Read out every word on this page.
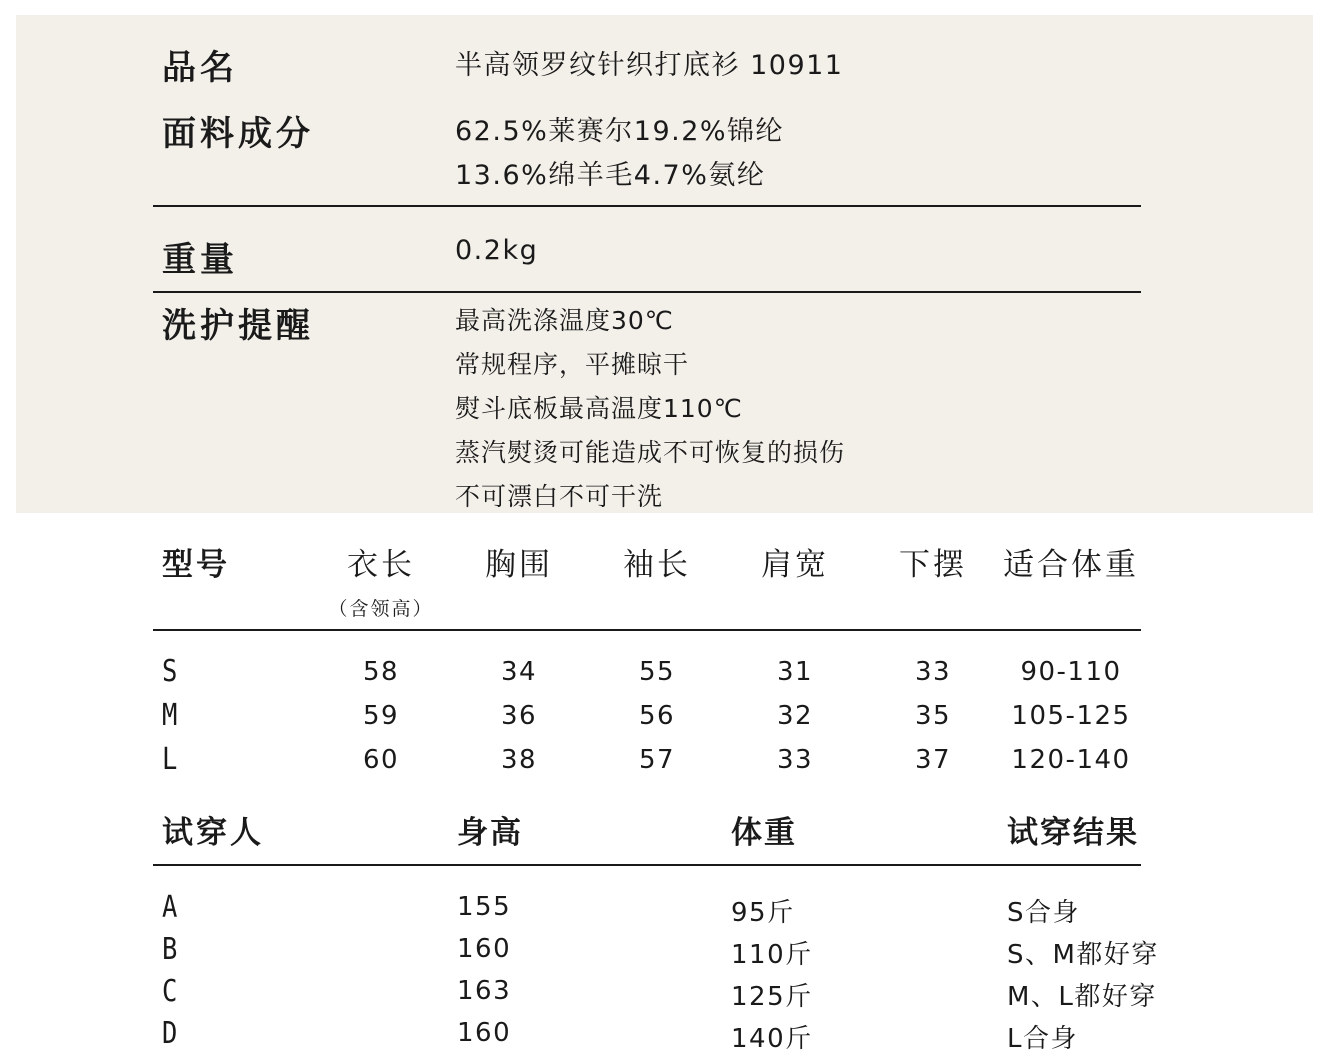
品名	半高领罗纹针织打底衫 10911
面料成分	62.5%莱赛尔19.2%锦纶
13.6%绵羊毛4.7%氨纶
重量	0.2kg
洗护提醒	最高洗涤温度30℃
常规程序，平摊晾干
熨斗底板最高温度110℃
蒸汽熨烫可能造成不可恢复的损伤
不可漂白不可干洗
型号	衣长 胸围 袖长 肩宽 下摆 适合体重
（含领高）
S	58	34	55	31	33	90-110
M	59	36	56	32	35 105-125
L	60	38	57	33	37 120-140
试穿人	身高	体重	试穿结果
A	155	95斤	S合身
B	160	110斤	S、M都好穿
C	163	125斤	M、L都好穿
D	160	140斤	L合身
